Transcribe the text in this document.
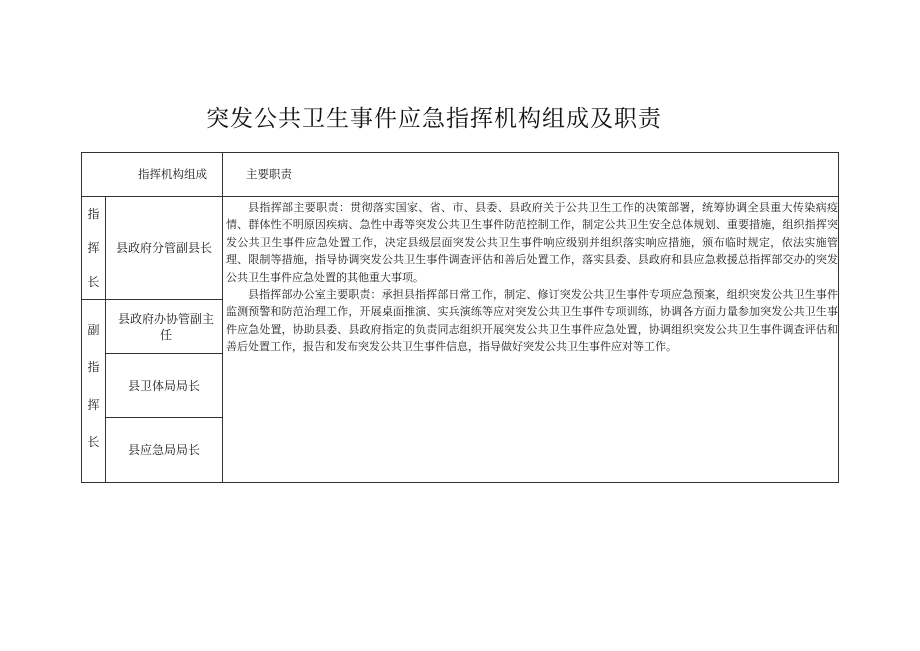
突发公共卫生事件应急指挥机构组成及职责
指挥机构组成	主要职责
指
挥
长
县政府分管副县长
副
指
挥
长
县政府办协管副主任
县卫体局局长
县应急局局长

县指挥部主要职责：贯彻落实国家、省、市、县委、县政府关于公共卫生工作的决策部署，统筹协调全县重大传染病疫情、群体性不明原因疾病、急性中毒等突发公共卫生事件防范控制工作，制定公共卫生安全总体规划、重要措施，组织指挥突发公共卫生事件应急处置工作，决定县级层面突发公共卫生事件响应级别并组织落实响应措施，颁布临时规定，依法实施管理、限制等措施，指导协调突发公共卫生事件调查评估和善后处置工作，落实县委、县政府和县应急救援总指挥部交办的突发公共卫生事件应急处置的其他重大事项。

县指挥部办公室主要职责：承担县指挥部日常工作，制定、修订突发公共卫生事件专项应急预案，组织突发公共卫生事件监测预警和防范治理工作，开展桌面推演、实兵演练等应对突发公共卫生事件专项训练，协调各方面力量参加突发公共卫生事件应急处置，协助县委、县政府指定的负责同志组织开展突发公共卫生事件应急处置，协调组织突发公共卫生事件调查评估和善后处置工作，报告和发布突发公共卫生事件信息，指导做好突发公共卫生事件应对等工作。
